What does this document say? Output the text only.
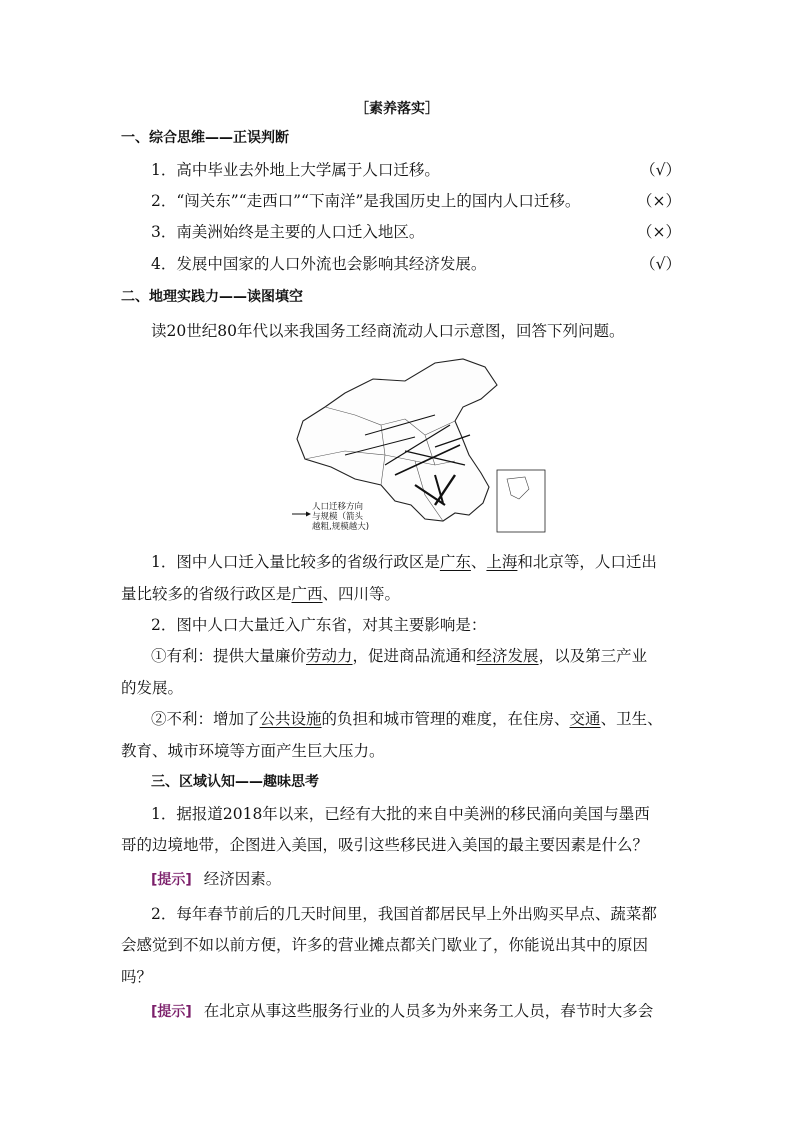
［素养落实］
一、综合思维——正误判断
1．高中毕业去外地上大学属于人口迁移。	（√）
2．“闯关东”“走西口”“下南洋”是我国历史上的国内人口迁移。	（×）
3．南美洲始终是主要的人口迁入地区。	（×）
4．发展中国家的人口外流也会影响其经济发展。	（√）
二、地理实践力——读图填空
读20世纪80年代以来我国务工经商流动人口示意图，回答下列问题。
人口迁移方向
与规模（箭头
越粗,规模越大)
1．图中人口迁入量比较多的省级行政区是广东、上海和北京等，人口迁出
量比较多的省级行政区是广西、四川等。
2．图中人口大量迁入广东省，对其主要影响是：
①有利：提供大量廉价劳动力，促进商品流通和经济发展，以及第三产业
的发展。
②不利：增加了公共设施的负担和城市管理的难度，在住房、交通、卫生、
教育、城市环境等方面产生巨大压力。
三、区域认知——趣味思考
1．据报道2018年以来，已经有大批的来自中美洲的移民涌向美国与墨西
哥的边境地带，企图进入美国，吸引这些移民进入美国的最主要因素是什么？
[提示] 经济因素。
2．每年春节前后的几天时间里，我国首都居民早上外出购买早点、蔬菜都
会感觉到不如以前方便，许多的营业摊点都关门歇业了，你能说出其中的原因
吗？
[提示] 在北京从事这些服务行业的人员多为外来务工人员，春节时大多会
